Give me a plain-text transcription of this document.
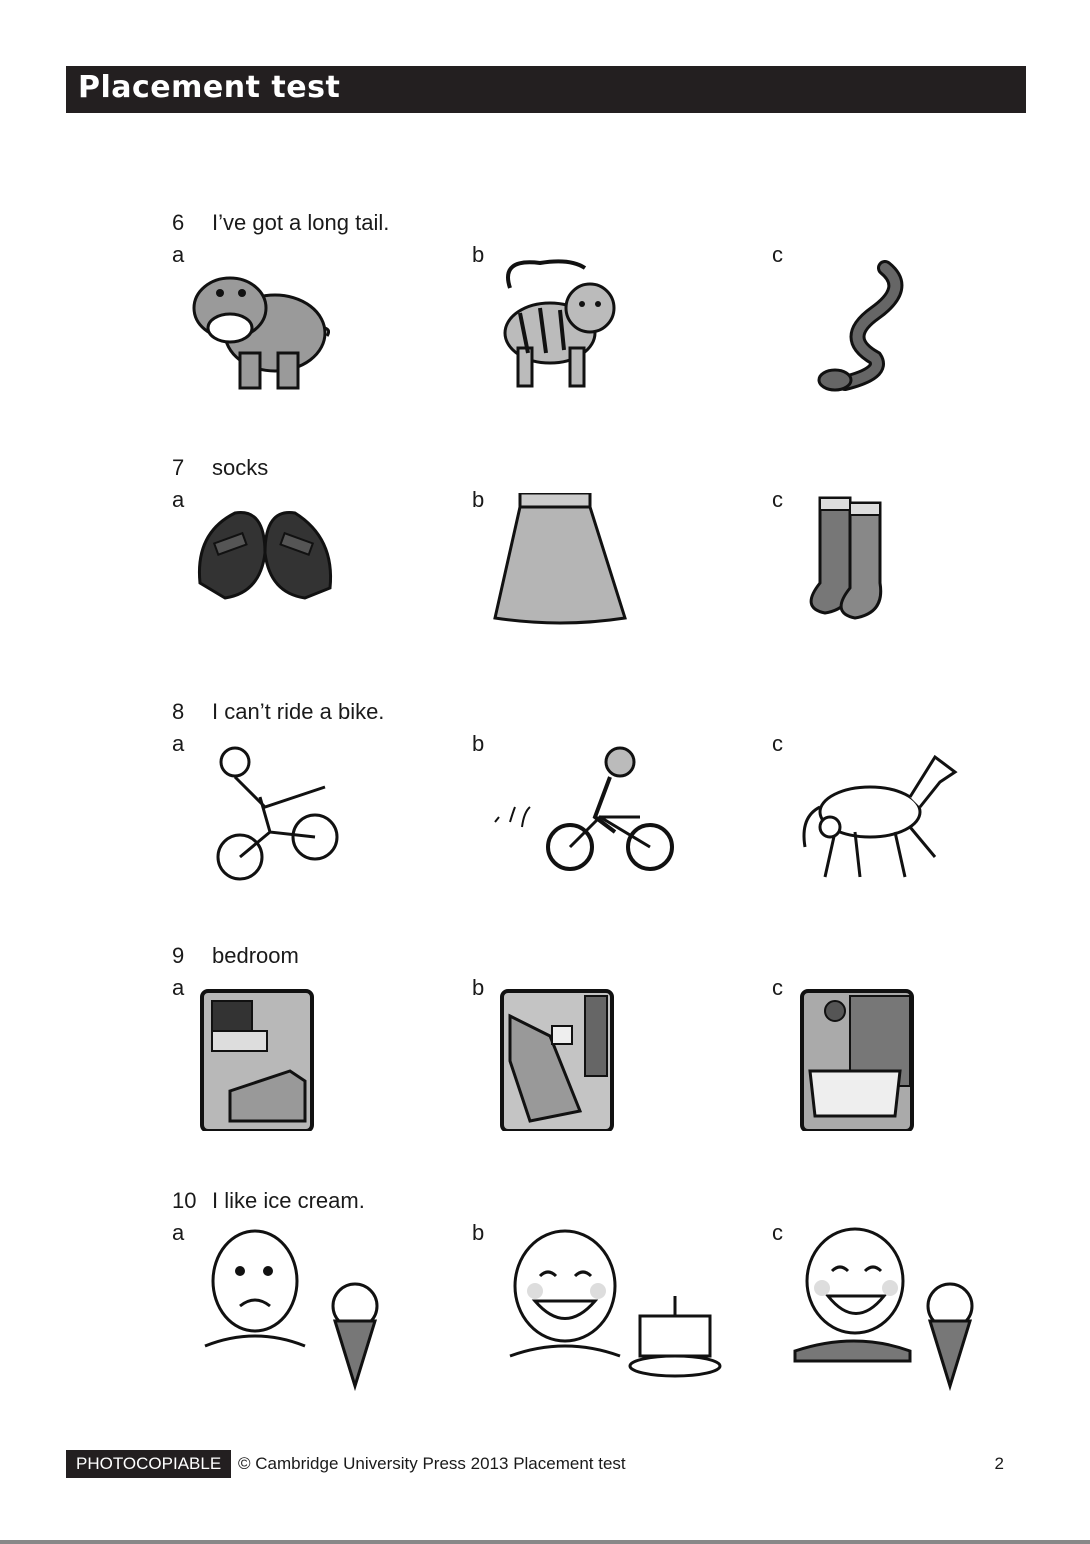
Placement test
6	I’ve got a long tail.
a	b	c
7	socks
a	b	c
8	I can’t ride a bike.
a	b	c
9	bedroom
a	b	c
10 I like ice cream.
a	b	c
PHOTOCOPIABLE © Cambridge University Press 2013 Placement test	2
